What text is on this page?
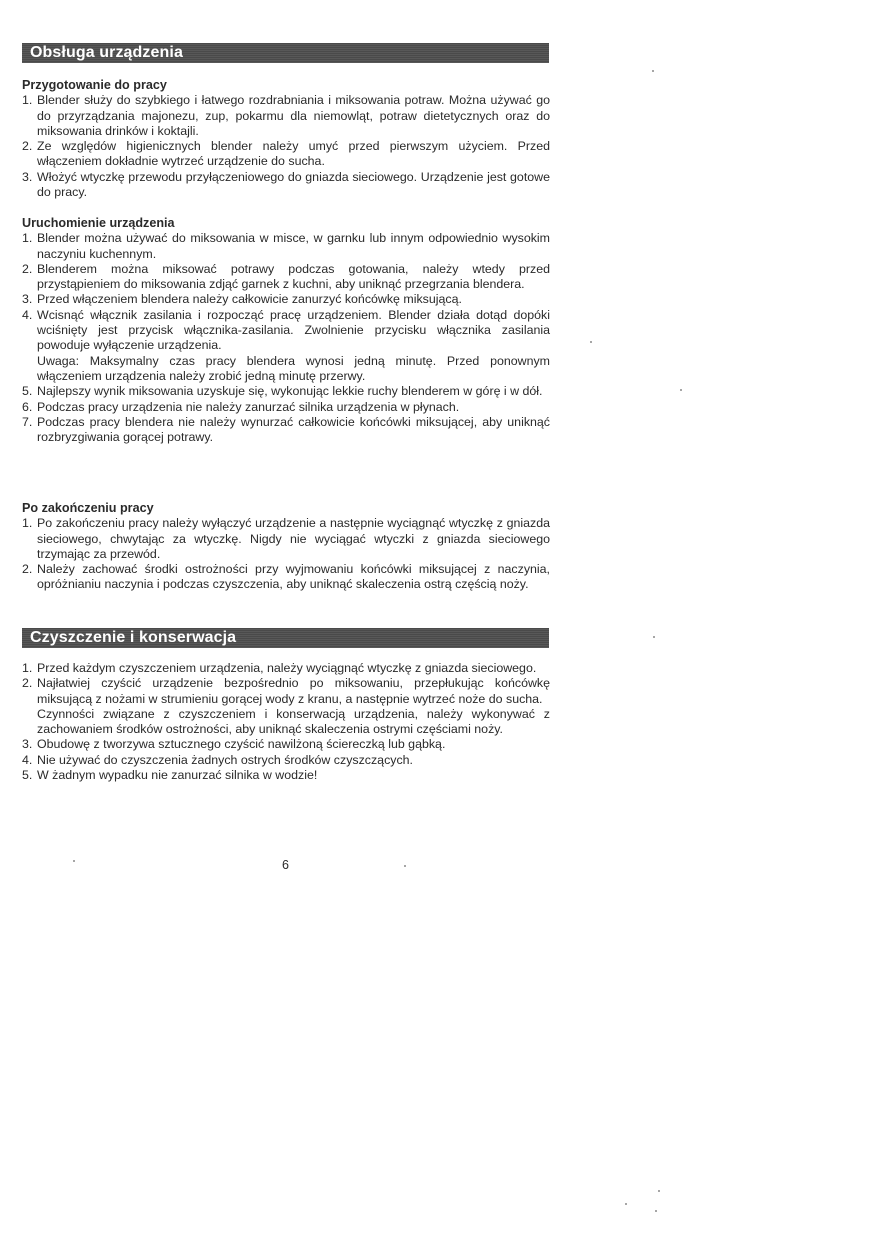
Obsługa urządzenia

Przygotowanie do pracy

1. Blender służy do szybkiego i łatwego rozdrabniania i miksowania potraw. Można używać go do przyrządzania majonezu, zup, pokarmu dla niemowląt, potraw dietetycznych oraz do miksowania drinków i koktajli.
2. Ze względów higienicznych blender należy umyć przed pierwszym użyciem. Przed włączeniem dokładnie wytrzeć urządzenie do sucha.
3. Włożyć wtyczkę przewodu przyłączeniowego do gniazda sieciowego. Urządzenie jest gotowe do pracy.

Uruchomienie urządzenia

1. Blender można używać do miksowania w misce, w garnku lub innym odpowiednio wysokim naczyniu kuchennym.
2. Blenderem można miksować potrawy podczas gotowania, należy wtedy przed przystąpieniem do miksowania zdjąć garnek z kuchni, aby uniknąć przegrzania blendera.
3. Przed włączeniem blendera należy całkowicie zanurzyć końcówkę miksującą.
4. Wcisnąć włącznik zasilania i rozpocząć pracę urządzeniem. Blender działa dotąd dopóki wciśnięty jest przycisk włącznika-zasilania. Zwolnienie przycisku włącznika zasilania powoduje wyłączenie urządzenia.
Uwaga: Maksymalny czas pracy blendera wynosi jedną minutę. Przed ponownym włączeniem urządzenia należy zrobić jedną minutę przerwy.
5. Najlepszy wynik miksowania uzyskuje się, wykonując lekkie ruchy blenderem w górę i w dół.
6. Podczas pracy urządzenia nie należy zanurzać silnika urządzenia w płynach.
7. Podczas pracy blendera nie należy wynurzać całkowicie końcówki miksującej, aby uniknąć rozbryzgiwania gorącej potrawy.

Po zakończeniu pracy

1. Po zakończeniu pracy należy wyłączyć urządzenie a następnie wyciągnąć wtyczkę z gniazda sieciowego, chwytając za wtyczkę. Nigdy nie wyciągać wtyczki z gniazda sieciowego trzymając za przewód.
2. Należy zachować środki ostrożności przy wyjmowaniu końcówki miksującej z naczynia, opróżnianiu naczynia i podczas czyszczenia, aby uniknąć skaleczenia ostrą częścią noży.
Czyszczenie i konserwacja
1. Przed każdym czyszczeniem urządzenia, należy wyciągnąć wtyczkę z gniazda sieciowego.
2. Najłatwiej czyścić urządzenie bezpośrednio po miksowaniu, przepłukując końcówkę miksującą z nożami w strumieniu gorącej wody z kranu, a następnie wytrzeć noże do sucha.
Czynności związane z czyszczeniem i konserwacją urządzenia, należy wykonywać z zachowaniem środków ostrożności, aby uniknąć skaleczenia ostrymi częściami noży.
3. Obudowę z tworzywa sztucznego czyścić nawilżoną ściereczką lub gąbką.
4. Nie używać do czyszczenia żadnych ostrych środków czyszczących.
5. W żadnym wypadku nie zanurzać silnika w wodzie!
6
